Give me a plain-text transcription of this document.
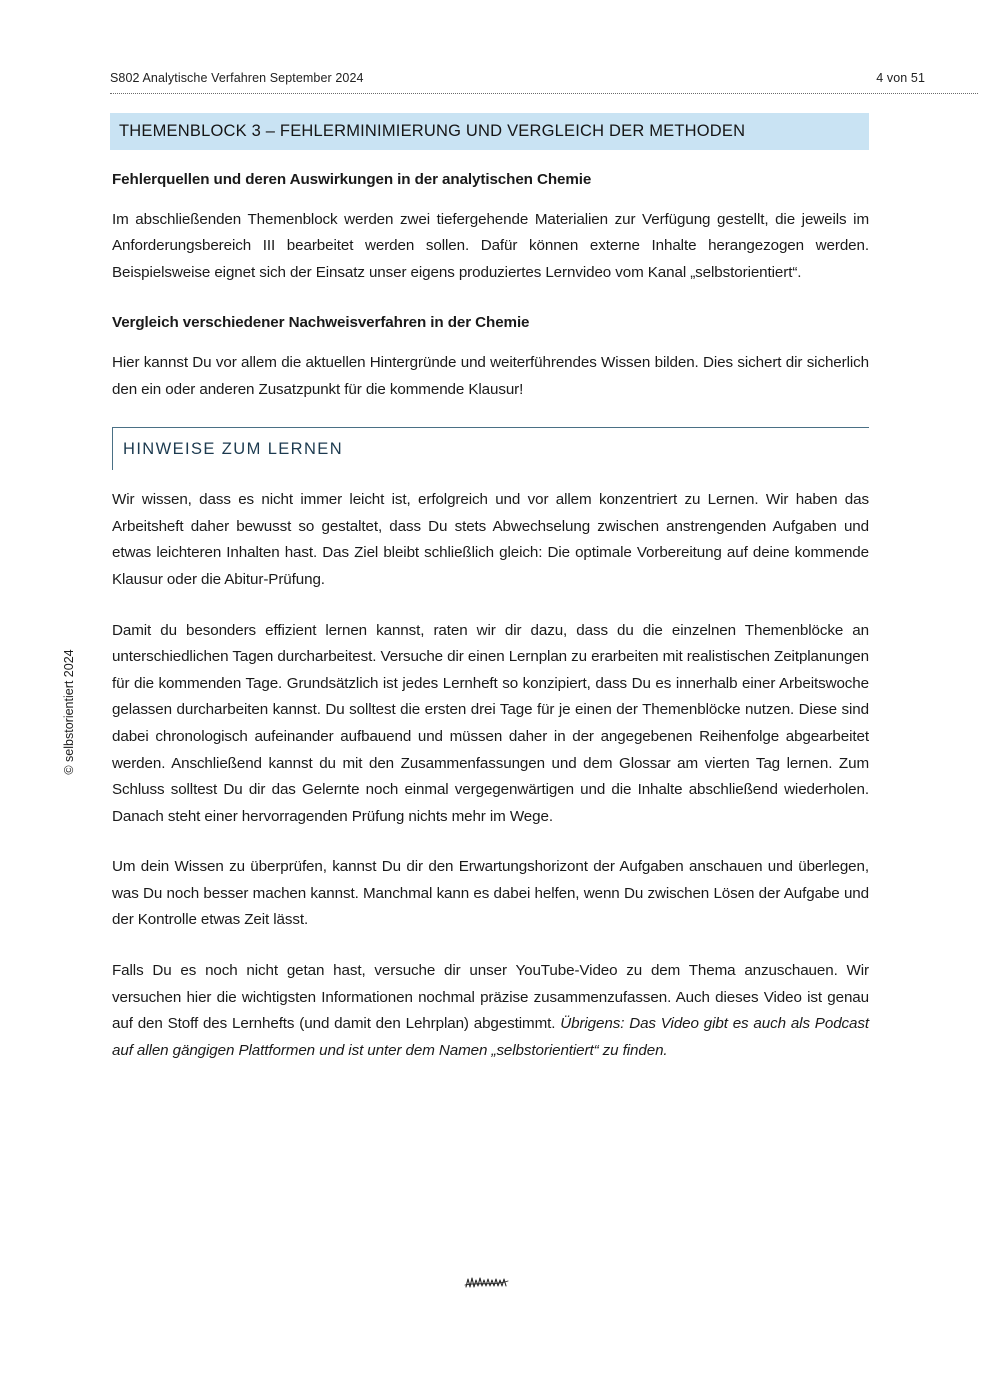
S802 Analytische Verfahren September 2024	4 von 51
THEMENBLOCK 3 – FEHLERMINIMIERUNG UND VERGLEICH DER METHODEN
Fehlerquellen und deren Auswirkungen in der analytischen Chemie

Im abschließenden Themenblock werden zwei tiefergehende Materialien zur Verfügung gestellt, die jeweils im Anforderungsbereich III bearbeitet werden sollen. Dafür können externe Inhalte herangezogen werden. Beispielsweise eignet sich der Einsatz unser eigens produziertes Lernvideo vom Kanal „selbstorientiert“.

Vergleich verschiedener Nachweisverfahren in der Chemie

Hier kannst Du vor allem die aktuellen Hintergründe und weiterführendes Wissen bilden. Dies sichert dir sicherlich den ein oder anderen Zusatzpunkt für die kommende Klausur!

HINWEISE ZUM LERNEN

Wir wissen, dass es nicht immer leicht ist, erfolgreich und vor allem konzentriert zu Lernen. Wir haben das Arbeitsheft daher bewusst so gestaltet, dass Du stets Abwechselung zwischen anstrengenden Aufgaben und etwas leichteren Inhalten hast. Das Ziel bleibt schließlich gleich: Die optimale Vorbereitung auf deine kommende Klausur oder die Abitur-Prüfung.

Damit du besonders effizient lernen kannst, raten wir dir dazu, dass du die einzelnen Themenblöcke an unterschiedlichen Tagen durcharbeitest. Versuche dir einen Lernplan zu erarbeiten mit realistischen Zeitplanungen für die kommenden Tage. Grundsätzlich ist jedes Lernheft so konzipiert, dass Du es innerhalb einer Arbeitswoche gelassen durcharbeiten kannst. Du solltest die ersten drei Tage für je einen der Themenblöcke nutzen. Diese sind dabei chronologisch aufeinander aufbauend und müssen daher in der angegebenen Reihenfolge abgearbeitet werden. Anschließend kannst du mit den Zusammenfassungen und dem Glossar am vierten Tag lernen. Zum Schluss solltest Du dir das Gelernte noch einmal vergegenwärtigen und die Inhalte abschließend wiederholen. Danach steht einer hervorragenden Prüfung nichts mehr im Wege.

Um dein Wissen zu überprüfen, kannst Du dir den Erwartungshorizont der Aufgaben anschauen und überlegen, was Du noch besser machen kannst. Manchmal kann es dabei helfen, wenn Du zwischen Lösen der Aufgabe und der Kontrolle etwas Zeit lässt.

Falls Du es noch nicht getan hast, versuche dir unser YouTube-Video zu dem Thema anzuschauen. Wir versuchen hier die wichtigsten Informationen nochmal präzise zusammenzufassen. Auch dieses Video ist genau auf den Stoff des Lernhefts (und damit den Lehrplan) abgestimmt. Übrigens: Das Video gibt es auch als Podcast auf allen gängigen Plattformen und ist unter dem Namen „selbstorientiert“ zu finden.

© selbstorientiert 2024
